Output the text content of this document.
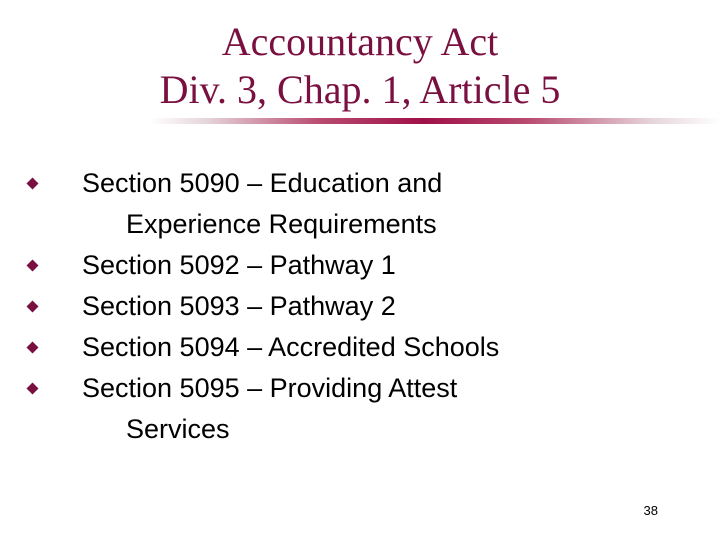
Accountancy Act
Div. 3, Chap. 1, Article 5
Section 5090 – Education and
Experience Requirements
Section 5092 – Pathway 1
Section 5093 – Pathway 2
Section 5094 – Accredited Schools
Section 5095 – Providing Attest
Services
38
